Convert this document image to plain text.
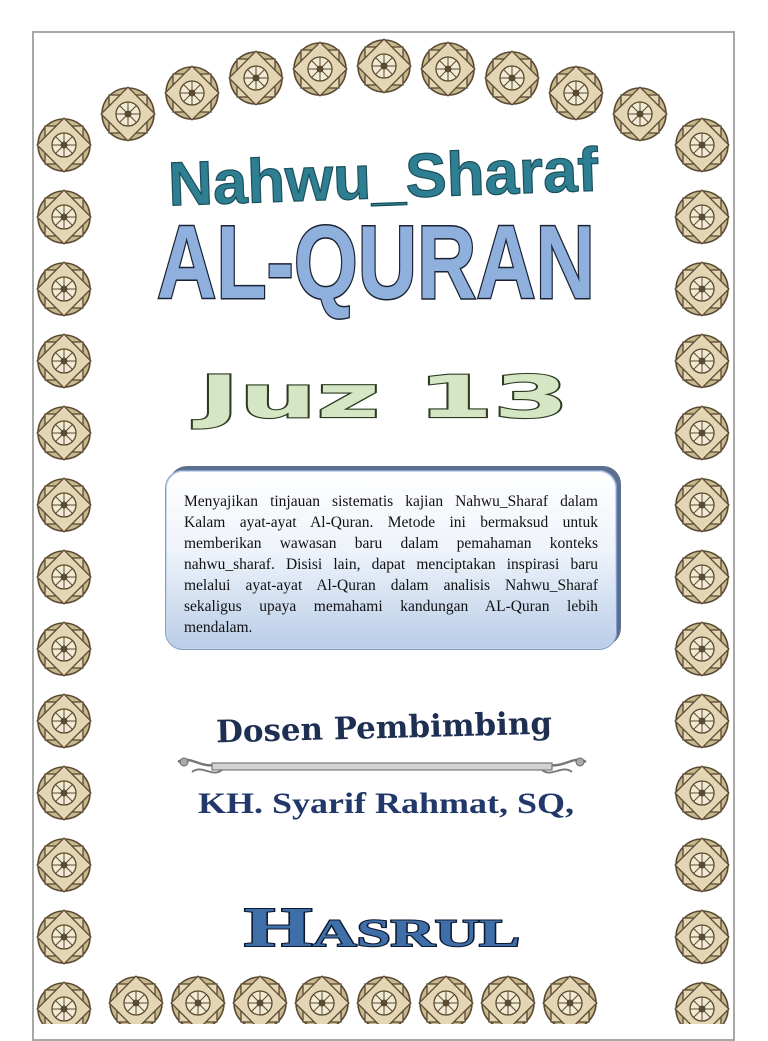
Nahwu_Sharaf
AL-QURAN
Juz 13
Dosen Pembimbing
KH. Syarif Rahmat, SQ,
Hasrul

Menyajikan tinjauan sistematis kajian Nahwu_Sharaf dalam Kalam ayat-ayat Al-Quran. Metode ini bermaksud untuk memberikan wawasan baru dalam pemahaman konteks nahwu_sharaf. Disisi lain, dapat menciptakan inspirasi baru melalui ayat-ayat Al-Quran dalam analisis Nahwu_Sharaf sekaligus upaya memahami kandungan AL-Quran lebih mendalam.
